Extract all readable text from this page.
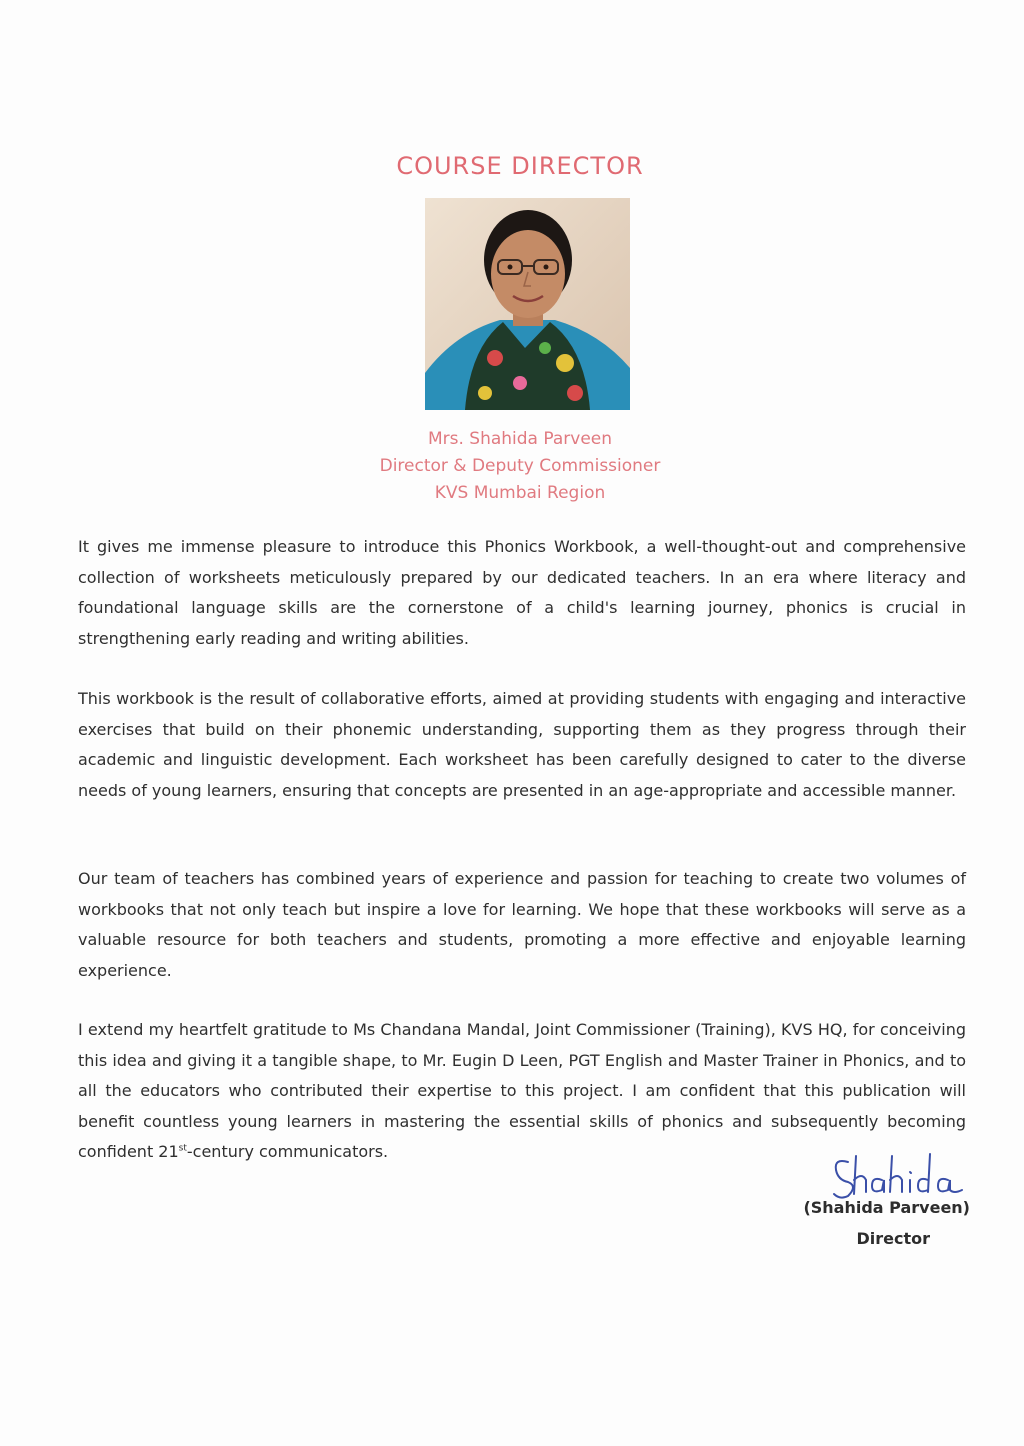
COURSE DIRECTOR
Mrs. Shahida Parveen
Director & Deputy Commissioner
KVS Mumbai Region
It gives me immense pleasure to introduce this Phonics Workbook, a well-thought-out and comprehensive collection of worksheets meticulously prepared by our dedicated teachers. In an era where literacy and foundational language skills are the cornerstone of a child's learning journey, phonics is crucial in strengthening early reading and writing abilities.
This workbook is the result of collaborative efforts, aimed at providing students with engaging and interactive exercises that build on their phonemic understanding, supporting them as they progress through their academic and linguistic development. Each worksheet has been carefully designed to cater to the diverse needs of young learners, ensuring that concepts are presented in an age-appropriate and accessible manner.
Our team of teachers has combined years of experience and passion for teaching to create two volumes of workbooks that not only teach but inspire a love for learning. We hope that these workbooks will serve as a valuable resource for both teachers and students, promoting a more effective and enjoyable learning experience.
I extend my heartfelt gratitude to Ms Chandana Mandal, Joint Commissioner (Training), KVS HQ, for conceiving this idea and giving it a tangible shape, to Mr. Eugin D Leen, PGT English and Master Trainer in Phonics, and to all the educators who contributed their expertise to this project. I am confident that this publication will benefit countless young learners in mastering the essential skills of phonics and subsequently becoming confident 21st-century communicators.
(Shahida Parveen)
Director
